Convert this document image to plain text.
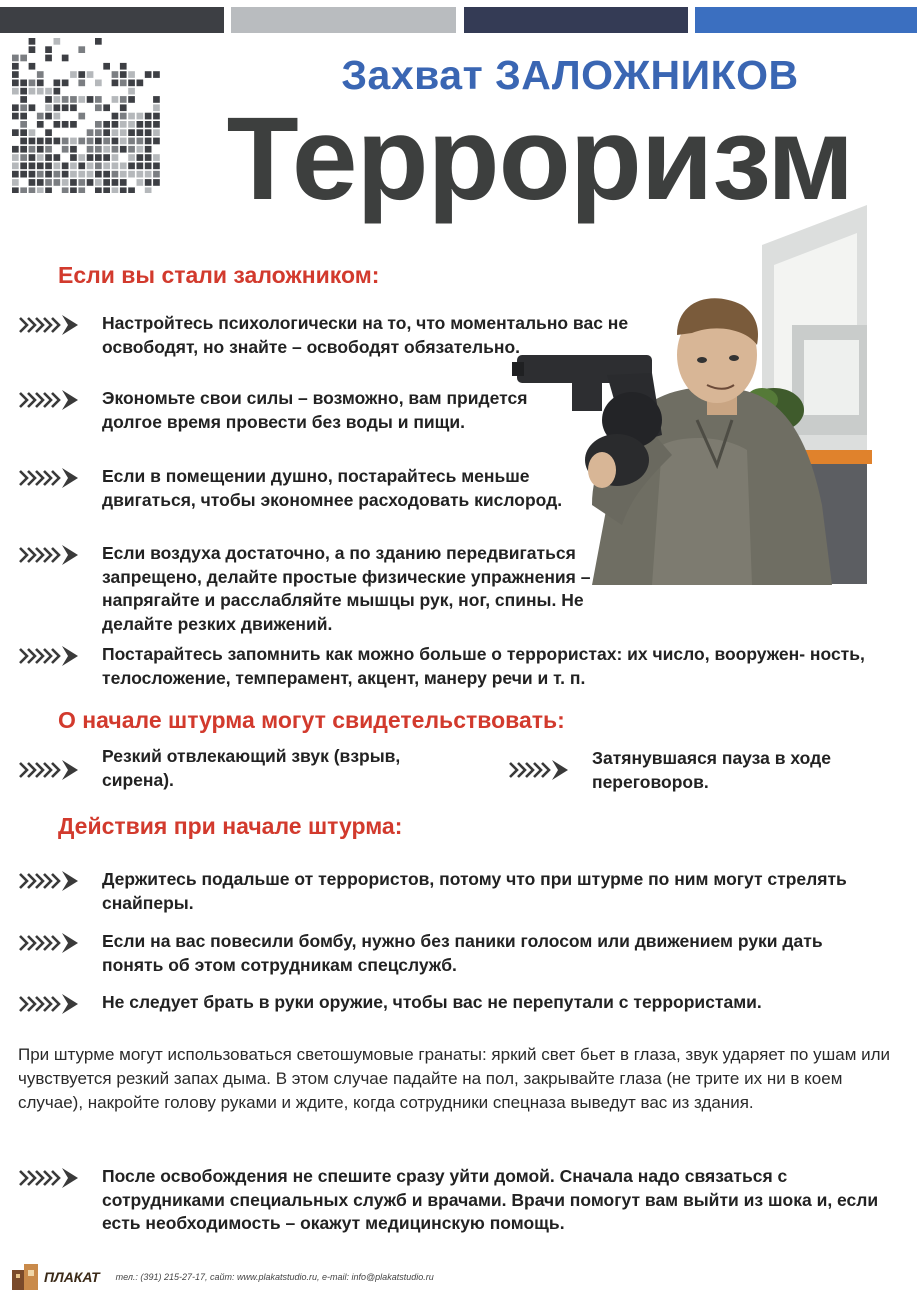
Захват ЗАЛОЖНИКОВ
Терроризм
Если вы стали заложником:
Настройтесь психологически на то, что моментально вас не освободят, но знайте – освободят обязательно.
Экономьте свои силы – возможно, вам придется долгое время провести без воды и пищи.
Если в помещении душно, постарайтесь меньше двигаться, чтобы экономнее расходовать кислород.
Если воздуха достаточно, а по зданию передвигаться запрещено, делайте простые физические упражнения – напрягайте и расслабляйте мышцы рук, ног, спины. Не делайте резких движений.
Постарайтесь запомнить как можно больше о террористах: их число, вооружен- ность, телосложение, темперамент, акцент, манеру речи и т. п.
О начале штурма могут свидетельствовать:
Резкий отвлекающий звук (взрыв, сирена).
Затянувшаяся пауза в ходе переговоров.
Действия при начале штурма:
Держитесь подальше от террористов, потому что при штурме по ним могут стрелять снайперы.
Если на вас повесили бомбу, нужно без паники голосом или движением руки дать понять об этом сотрудникам спецслужб.
Не следует брать в руки оружие, чтобы вас не перепутали с террористами.
При штурме могут использоваться светошумовые гранаты: яркий свет бьет в глаза, звук ударяет по ушам или чувствуется резкий запах дыма. В этом случае падайте на пол, закрывайте глаза (не трите их ни в коем случае), накройте голову руками и ждите, когда сотрудники спецназа выведут вас из здания.
После освобождения не спешите сразу уйти домой. Сначала надо связаться с сотрудниками специальных служб и врачами. Врачи помогут вам выйти из шока и, если есть необходимость – окажут медицинскую помощь.
ПЛАКАТ тел.: (391) 215-27-17, сайт: www.plakatstudio.ru, e-mail: info@plakatstudio.ru
